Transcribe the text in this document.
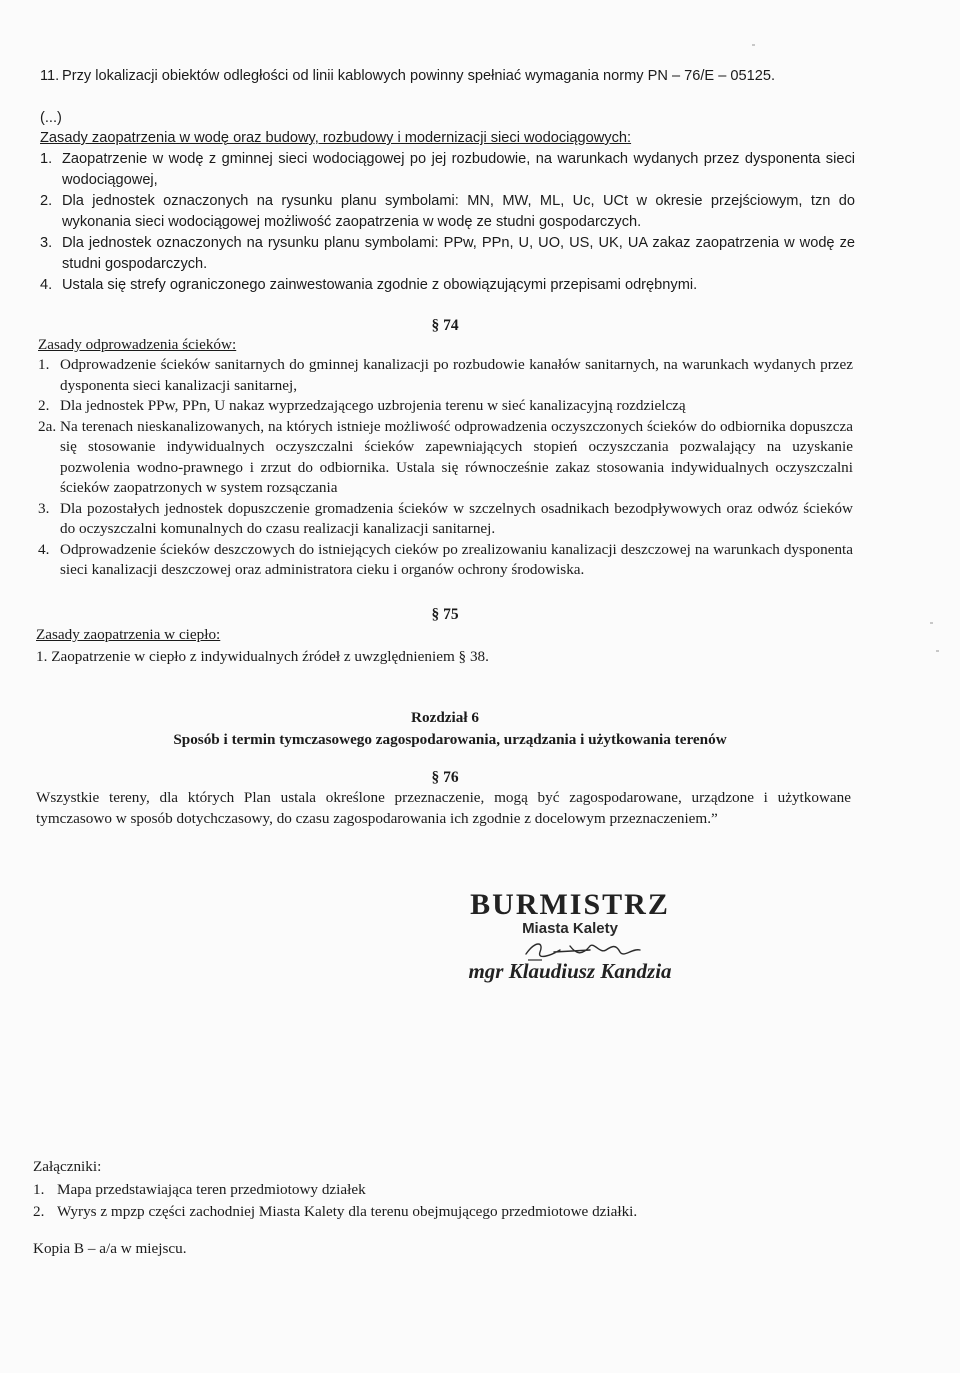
11. Przy lokalizacji obiektów odległości od linii kablowych powinny spełniać wymagania normy PN – 76/E – 05125.
(...)
Zasady zaopatrzenia w wodę oraz budowy, rozbudowy i modernizacji sieci wodociągowych:
1. Zaopatrzenie w wodę z gminnej sieci wodociągowej po jej rozbudowie, na warunkach wydanych przez dysponenta sieci wodociągowej,
2. Dla jednostek oznaczonych na rysunku planu symbolami: MN, MW, ML, Uc, UCt w okresie przejściowym, tzn do wykonania sieci wodociągowej możliwość zaopatrzenia w wodę ze studni gospodarczych.
3. Dla jednostek oznaczonych na rysunku planu symbolami: PPw, PPn, U, UO, US, UK, UA zakaz zaopatrzenia w wodę ze studni gospodarczych.
4. Ustala się strefy ograniczonego zainwestowania zgodnie z obowiązującymi przepisami odrębnymi.
§ 74
Zasady odprowadzenia ścieków:
1. Odprowadzenie ścieków sanitarnych do gminnej kanalizacji po rozbudowie kanałów sanitarnych, na warunkach wydanych przez dysponenta sieci kanalizacji sanitarnej,
2. Dla jednostek PPw, PPn, U nakaz wyprzedzającego uzbrojenia terenu w sieć kanalizacyjną rozdzielczą
2a. Na terenach nieskanalizowanych, na których istnieje możliwość odprowadzenia oczyszczonych ścieków do odbiornika dopuszcza się stosowanie indywidualnych oczyszczalni ścieków zapewniających stopień oczyszczania pozwalający na uzyskanie pozwolenia wodno-prawnego i zrzut do odbiornika. Ustala się równocześnie zakaz stosowania indywidualnych oczyszczalni ścieków zaopatrzonych w system rozsączania
3. Dla pozostałych jednostek dopuszczenie gromadzenia ścieków w szczelnych osadnikach bezodpływowych oraz odwóz ścieków do oczyszczalni komunalnych do czasu realizacji kanalizacji sanitarnej.
4. Odprowadzenie ścieków deszczowych do istniejących cieków po zrealizowaniu kanalizacji deszczowej na warunkach dysponenta sieci kanalizacji deszczowej oraz administratora cieku i organów ochrony środowiska.
§ 75
Zasady zaopatrzenia w ciepło:
1. Zaopatrzenie w ciepło z indywidualnych źródeł z uwzględnieniem § 38.
Rozdział 6
Sposób i termin tymczasowego zagospodarowania, urządzania i użytkowania terenów
§ 76
Wszystkie tereny, dla których Plan ustala określone przeznaczenie, mogą być zagospodarowane, urządzone i użytkowane tymczasowo w sposób dotychczasowy, do czasu zagospodarowania ich zgodnie z docelowym przeznaczeniem.”
BURMISTRZ
Miasta Kalety
mgr Klaudiusz Kandzia
Załączniki:
1. Mapa przedstawiająca teren przedmiotowy działek
2. Wyrys z mpzp części zachodniej Miasta Kalety dla terenu obejmującego przedmiotowe działki.
Kopia B – a/a w miejscu.
